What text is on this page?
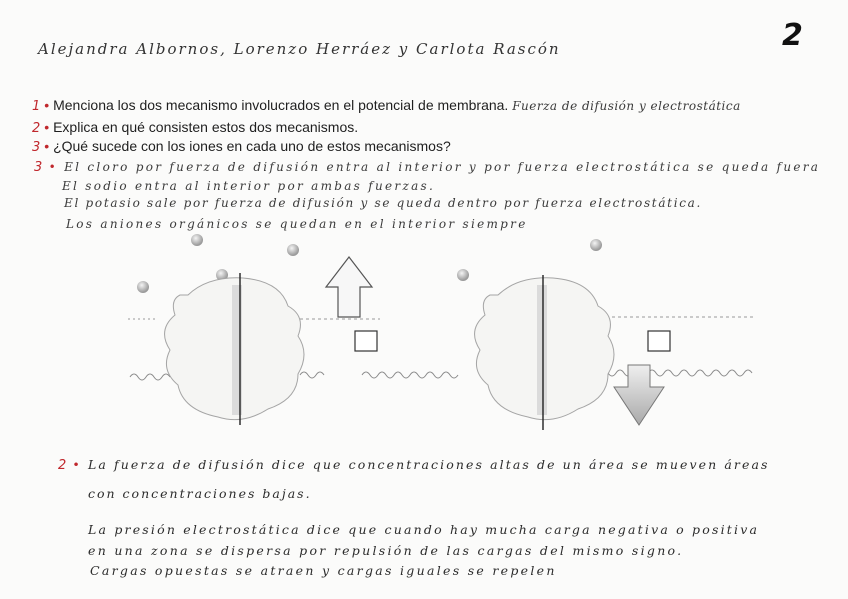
Alejandra Albornos, Lorenzo Herráez y Carlota Rascón	2
1 • Menciona los dos mecanismo involucrados en el potencial de membrana. Fuerza de difusión y electrostática
2 • Explica en qué consisten estos dos mecanismos.
3 • ¿Qué sucede con los iones en cada uno de estos mecanismos?
3 • El cloro por fuerza de difusión entra al interior y por fuerza electrostática se queda fuera
El sodio entra al interior por ambas fuerzas.
El potasio sale por fuerza de difusión y se queda dentro por fuerza electrostática.
Los aniones orgánicos se quedan en el interior siempre
2 • La fuerza de difusión dice que concentraciones altas de un área se mueven áreas
con concentraciones bajas.
La presión electrostática dice que cuando hay mucha carga negativa o positiva
en una zona se dispersa por repulsión de las cargas del mismo signo.
Cargas opuestas se atraen y cargas iguales se repelen
